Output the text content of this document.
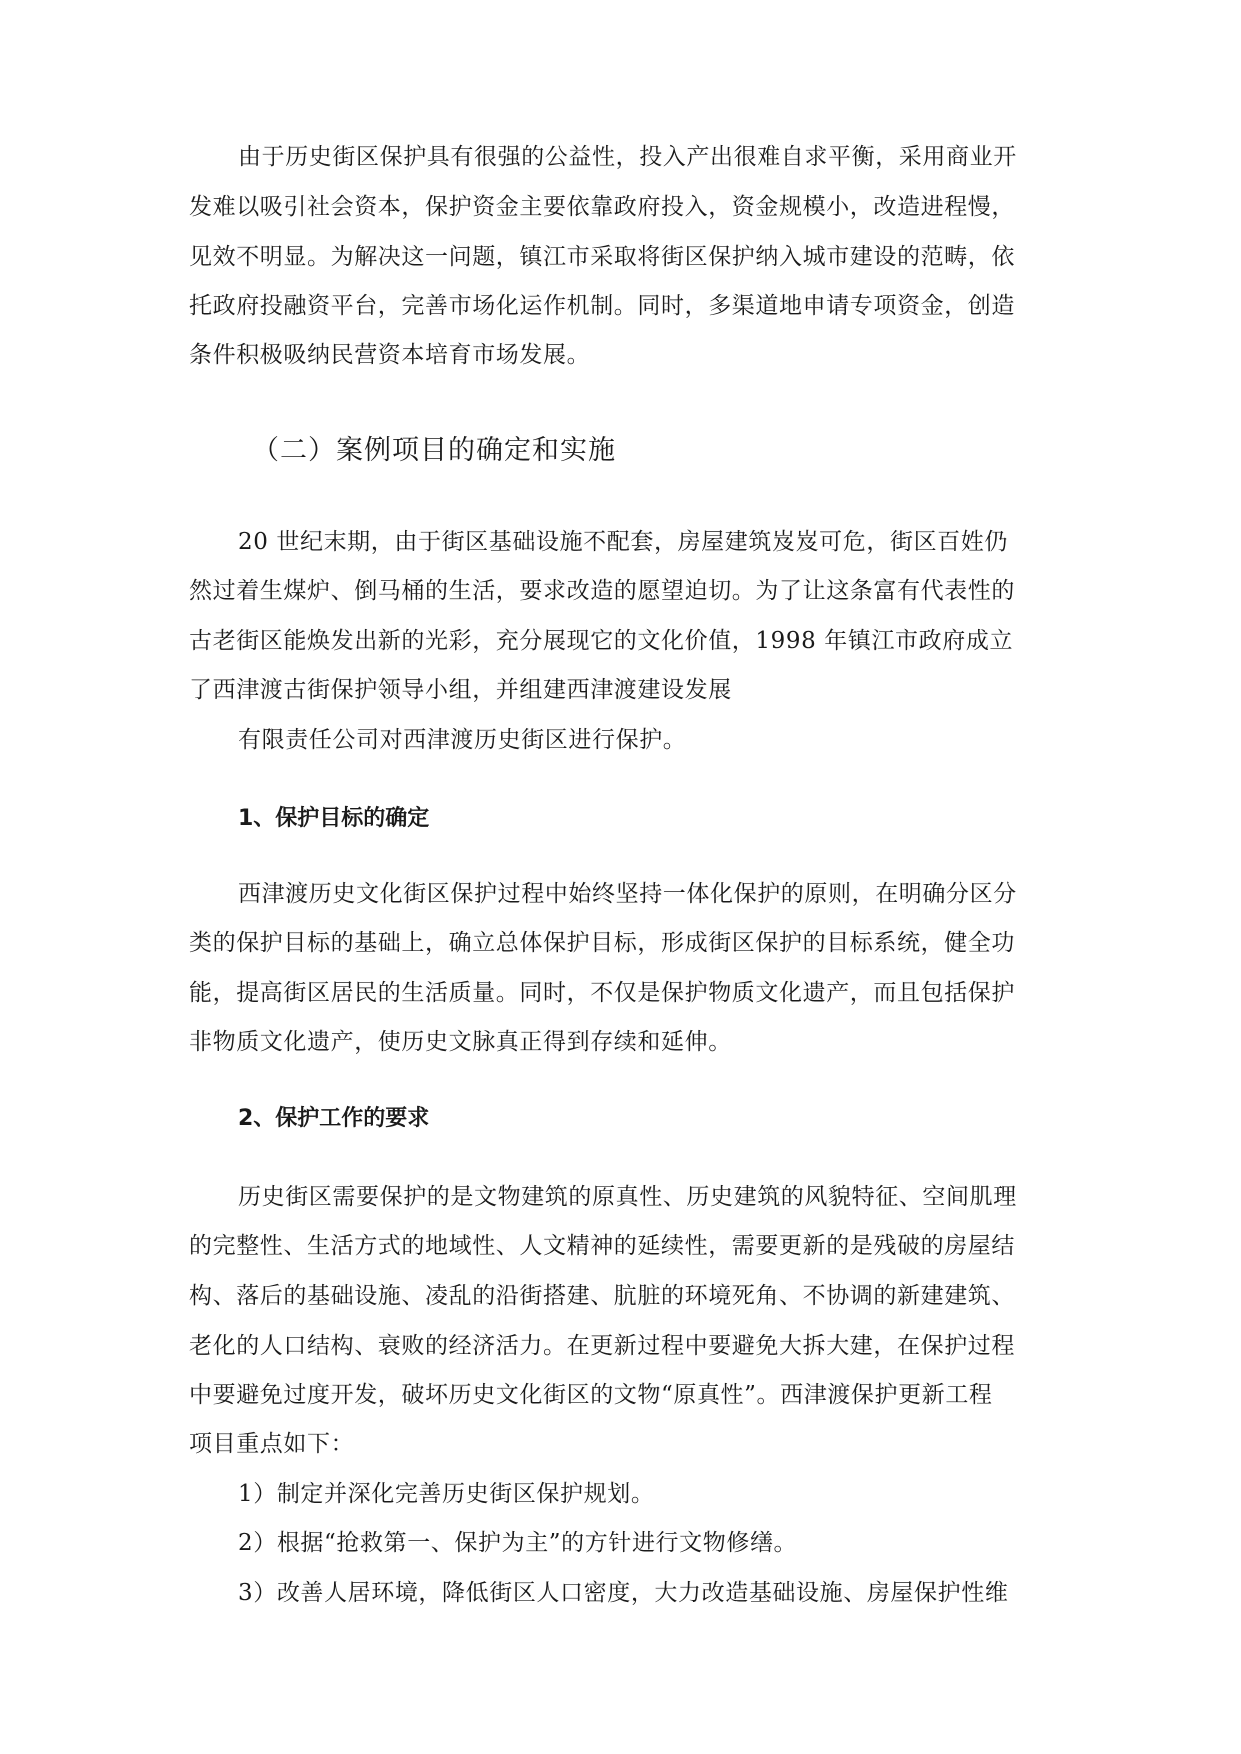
由于历史街区保护具有很强的公益性，投入产出很难自求平衡，采用商业开
发难以吸引社会资本，保护资金主要依靠政府投入，资金规模小，改造进程慢，
见效不明显。为解决这一问题，镇江市采取将街区保护纳入城市建设的范畴，依
托政府投融资平台，完善市场化运作机制。同时，多渠道地申请专项资金，创造
条件积极吸纳民营资本培育市场发展。
（二）案例项目的确定和实施
20 世纪末期，由于街区基础设施不配套，房屋建筑岌岌可危，街区百姓仍
然过着生煤炉、倒马桶的生活，要求改造的愿望迫切。为了让这条富有代表性的
古老街区能焕发出新的光彩，充分展现它的文化价值，1998 年镇江市政府成立
了西津渡古街保护领导小组，并组建西津渡建设发展
有限责任公司对西津渡历史街区进行保护。
1、保护目标的确定
西津渡历史文化街区保护过程中始终坚持一体化保护的原则，在明确分区分
类的保护目标的基础上，确立总体保护目标，形成街区保护的目标系统，健全功
能，提高街区居民的生活质量。同时，不仅是保护物质文化遗产，而且包括保护
非物质文化遗产，使历史文脉真正得到存续和延伸。
2、保护工作的要求
历史街区需要保护的是文物建筑的原真性、历史建筑的风貌特征、空间肌理
的完整性、生活方式的地域性、人文精神的延续性，需要更新的是残破的房屋结
构、落后的基础设施、凌乱的沿街搭建、肮脏的环境死角、不协调的新建建筑、
老化的人口结构、衰败的经济活力。在更新过程中要避免大拆大建，在保护过程
中要避免过度开发，破坏历史文化街区的文物“原真性”。西津渡保护更新工程
项目重点如下：
1）制定并深化完善历史街区保护规划。
2）根据“抢救第一、保护为主”的方针进行文物修缮。
3）改善人居环境，降低街区人口密度，大力改造基础设施、房屋保护性维
